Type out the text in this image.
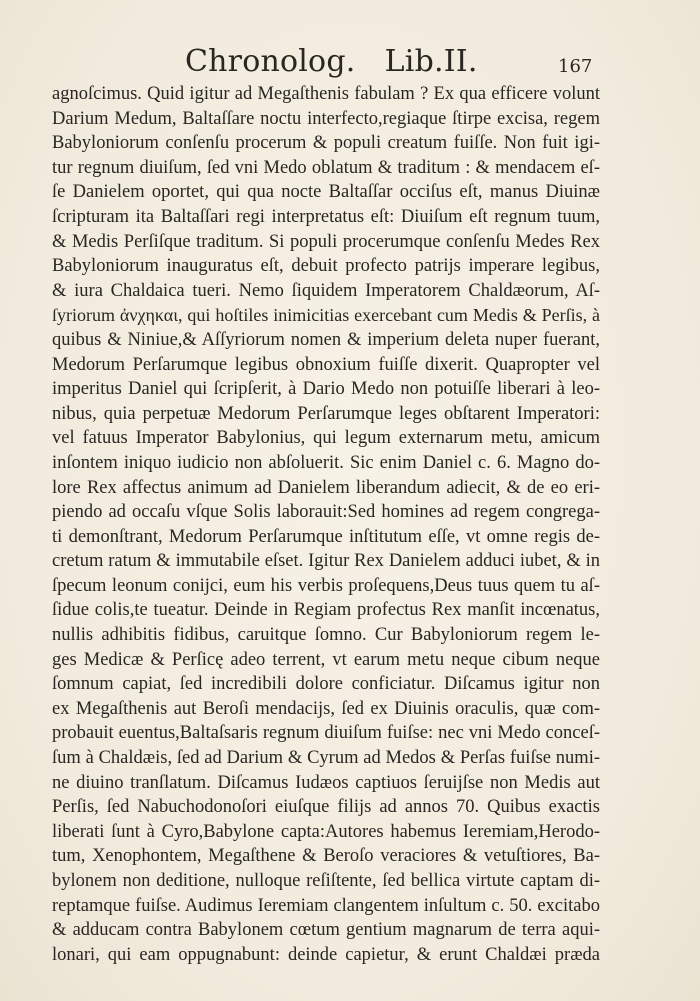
Chronolog.   Lib.II.	167
agnoſcimus. Quid igitur ad Megaſthenis fabulam ? Ex qua efficere volunt
Darium Medum, Baltaſſare noctu interfecto,regiaque ſtirpe excisa, regem
Babyloniorum conſenſu procerum & populi creatum fuiſſe. Non fuit igi-
tur regnum diuiſum, ſed vni Medo oblatum & traditum : & mendacem eſ-
ſe Danielem oportet, qui qua nocte Baltaſſar occiſus eſt, manus Diuinæ
ſcripturam ita Baltaſſari regi interpretatus eſt: Diuiſum eſt regnum tuum,
& Medis Perſiſque traditum. Si populi procerumque conſenſu Medes Rex
Babyloniorum inauguratus eſt, debuit profecto patrijs imperare legibus,
& iura Chaldaica tueri. Nemo ſiquidem Imperatorem Chaldæorum, Aſ-
ſyriorum ἀνχηκαι, qui hoſtiles inimicitias exercebant cum Medis & Perſis, à
quibus & Niniue,& Aſſyriorum nomen & imperium deleta nuper fuerant,
Medorum Perſarumque legibus obnoxium fuiſſe dixerit. Quapropter vel
imperitus Daniel qui ſcripſerit, à Dario Medo non potuiſſe liberari à leo-
nibus, quia perpetuæ Medorum Perſarumque leges obſtarent Imperatori:
vel fatuus Imperator Babylonius, qui legum externarum metu, amicum
inſontem iniquo iudicio non abſoluerit. Sic enim Daniel c. 6. Magno do-
lore Rex affectus animum ad Danielem liberandum adiecit, & de eo eri-
piendo ad occaſu vſque Solis laborauit:Sed homines ad regem congrega-
ti demonſtrant, Medorum Perſarumque inſtitutum eſſe, vt omne regis de-
cretum ratum & immutabile eſset. Igitur Rex Danielem adduci iubet, & in
ſpecum leonum conijci, eum his verbis proſequens,Deus tuus quem tu aſ-
ſidue colis,te tueatur. Deinde in Regiam profectus Rex manſit incœnatus,
nullis adhibitis fidibus, caruitque ſomno. Cur Babyloniorum regem le-
ges Medicæ & Perſicę adeo terrent, vt earum metu neque cibum neque
ſomnum capiat, ſed incredibili dolore conficiatur. Diſcamus igitur non
ex Megaſthenis aut Beroſi mendacijs, ſed ex Diuinis oraculis, quæ com-
probauit euentus,Baltaſsaris regnum diuiſum fuiſse: nec vni Medo conceſ-
ſum à Chaldæis, ſed ad Darium & Cyrum ad Medos & Perſas fuiſse numi-
ne diuino tranſlatum. Diſcamus Iudæos captiuos ſeruijſse non Medis aut
Perſis, ſed Nabuchodonoſori eiuſque filijs ad annos 70. Quibus exactis
liberati ſunt à Cyro,Babylone capta:Autores habemus Ieremiam,Herodo-
tum, Xenophontem, Megaſthene & Beroſo veraciores & vetuſtiores, Ba-
bylonem non deditione, nulloque reſiſtente, ſed bellica virtute captam di-
reptamque fuiſse. Audimus Ieremiam clangentem inſultum c. 50. excitabo
& adducam contra Babylonem cœtum gentium magnarum de terra aqui-
lonari, qui eam oppugnabunt: deinde capietur, & erunt Chaldæi præda
